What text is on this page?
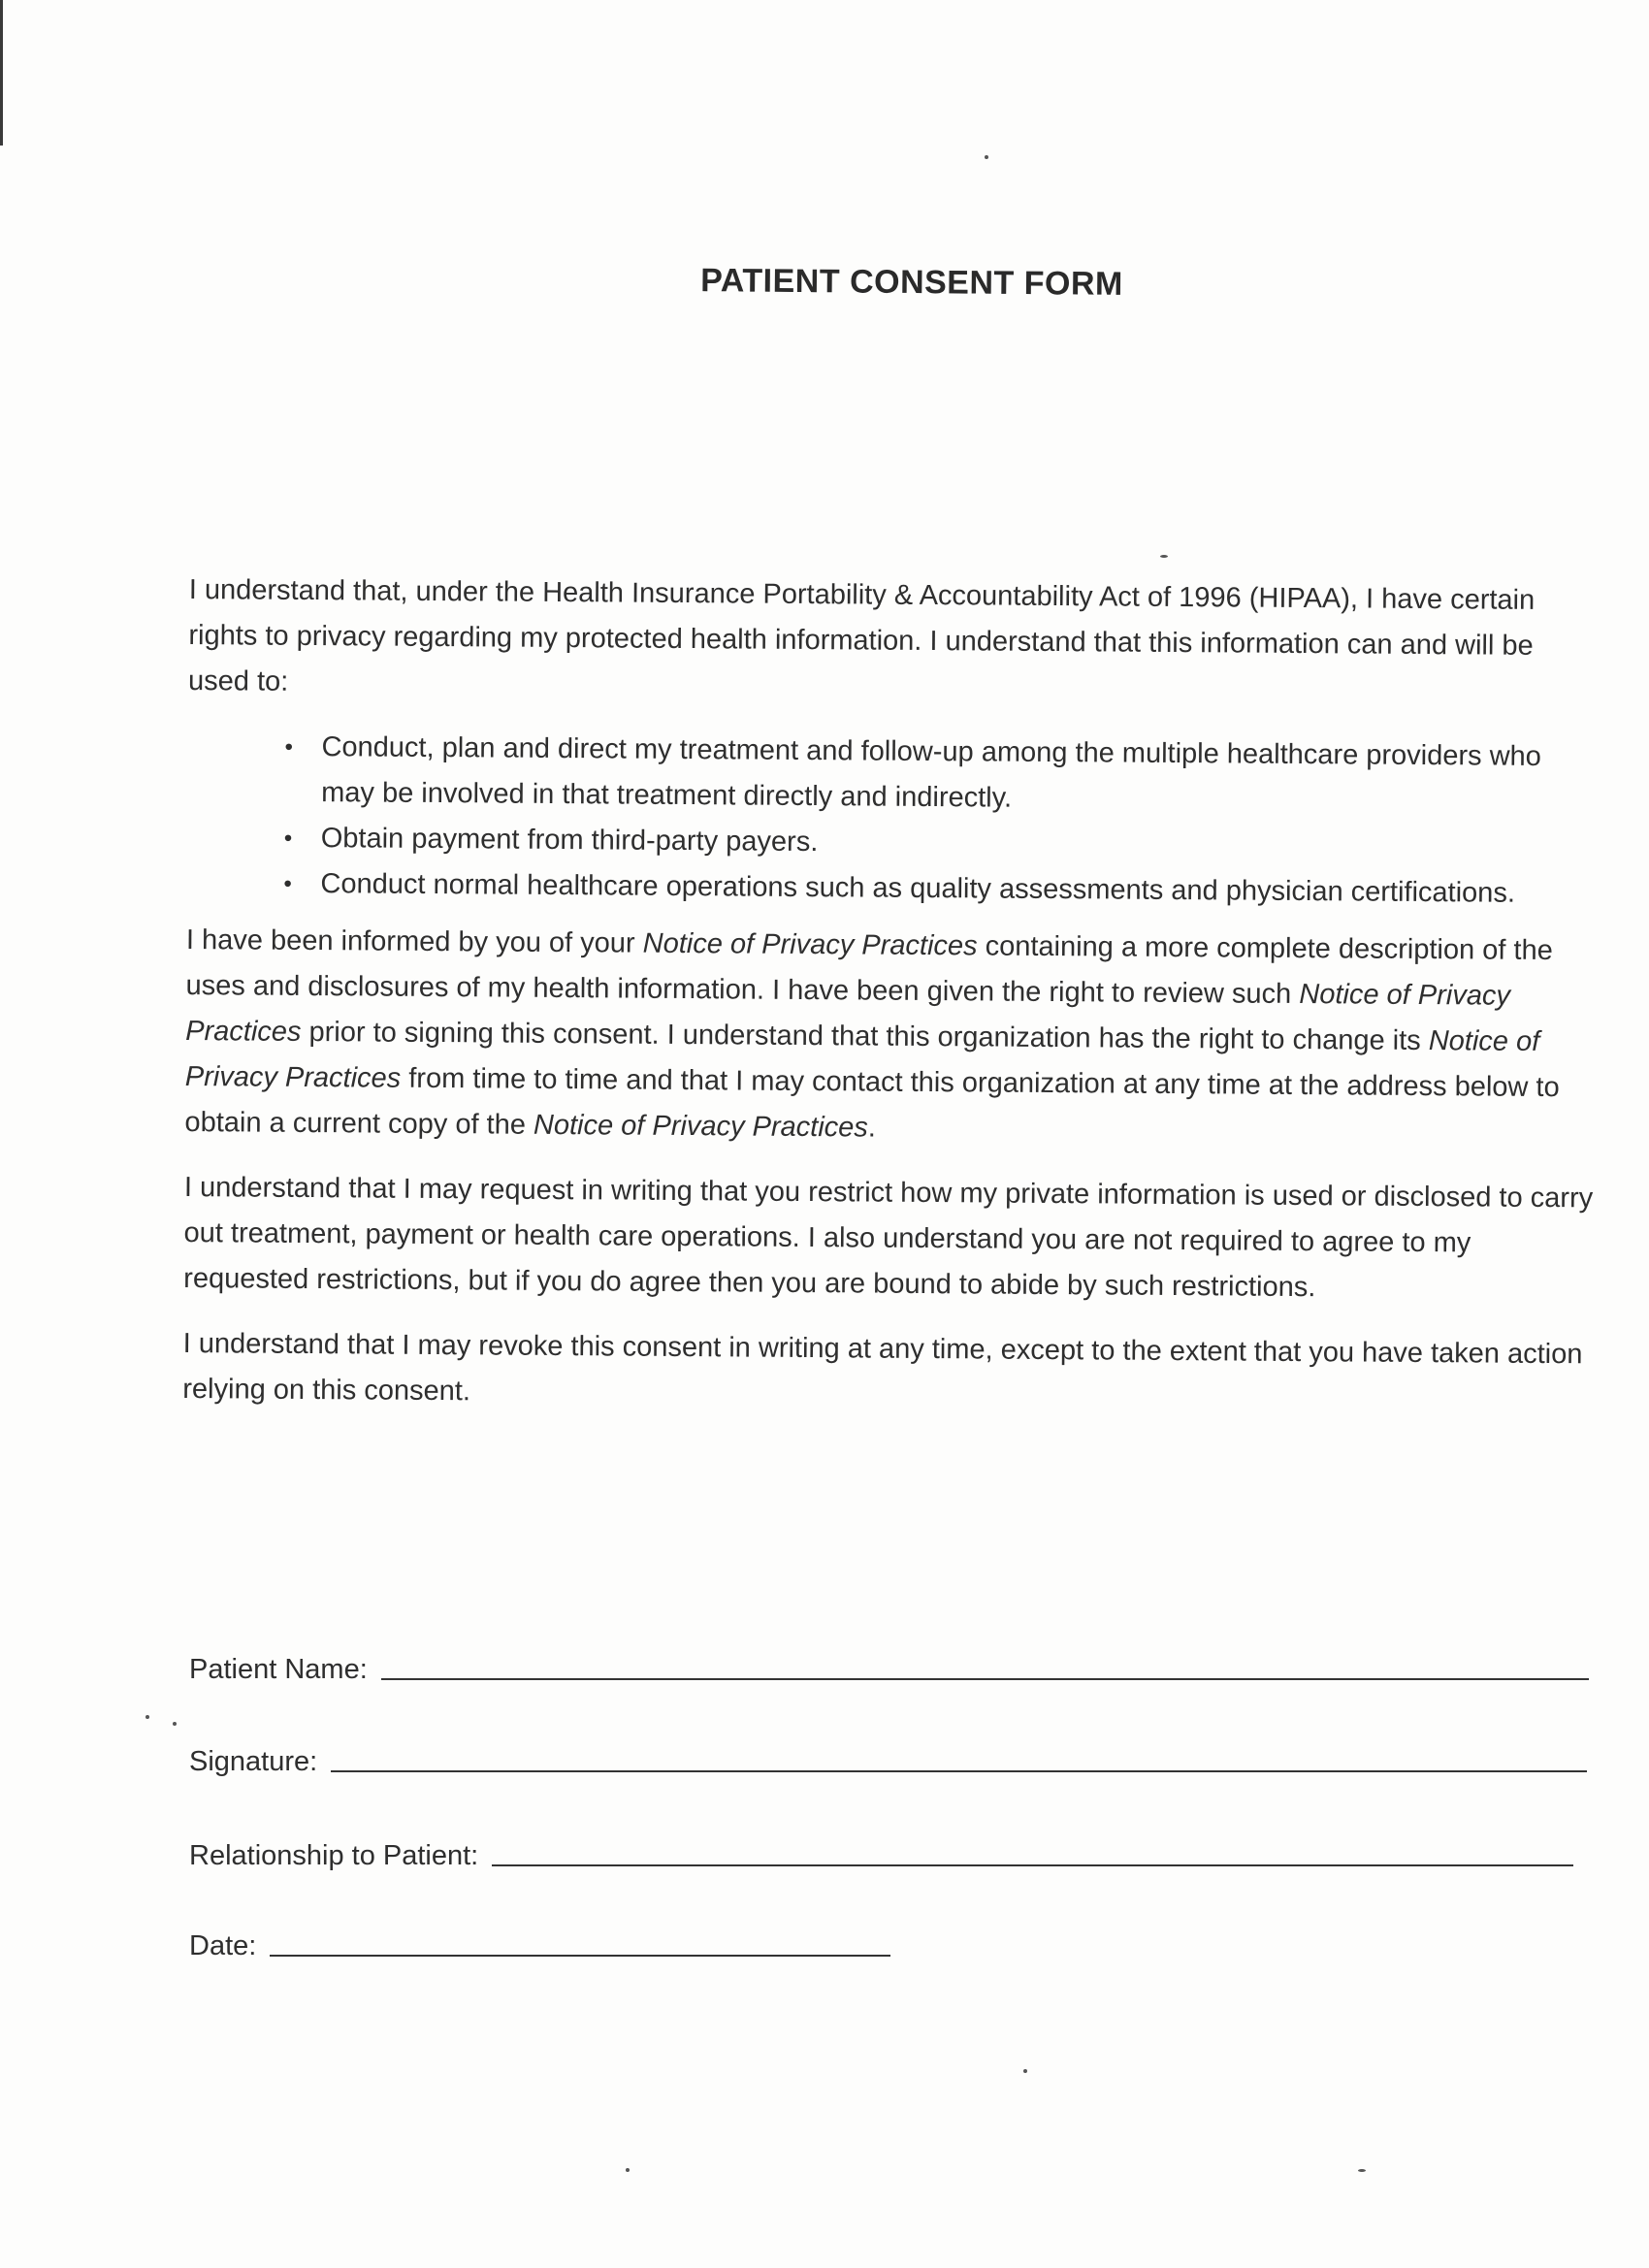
PATIENT CONSENT FORM

I understand that, under the Health Insurance Portability & Accountability Act of 1996 (HIPAA), I have certain rights to privacy regarding my protected health information. I understand that this information can and will be used to:

• Conduct, plan and direct my treatment and follow-up among the multiple healthcare providers who may be involved in that treatment directly and indirectly.
• Obtain payment from third-party payers.
• Conduct normal healthcare operations such as quality assessments and physician certifications.

I have been informed by you of your Notice of Privacy Practices containing a more complete description of the uses and disclosures of my health information. I have been given the right to review such Notice of Privacy Practices prior to signing this consent. I understand that this organization has the right to change its Notice of Privacy Practices from time to time and that I may contact this organization at any time at the address below to obtain a current copy of the Notice of Privacy Practices.

I understand that I may request in writing that you restrict how my private information is used or disclosed to carry out treatment, payment or health care operations. I also understand you are not required to agree to my requested restrictions, but if you do agree then you are bound to abide by such restrictions.

I understand that I may revoke this consent in writing at any time, except to the extent that you have taken action relying on this consent.

Patient Name:
Signature:
Relationship to Patient:
Date:
